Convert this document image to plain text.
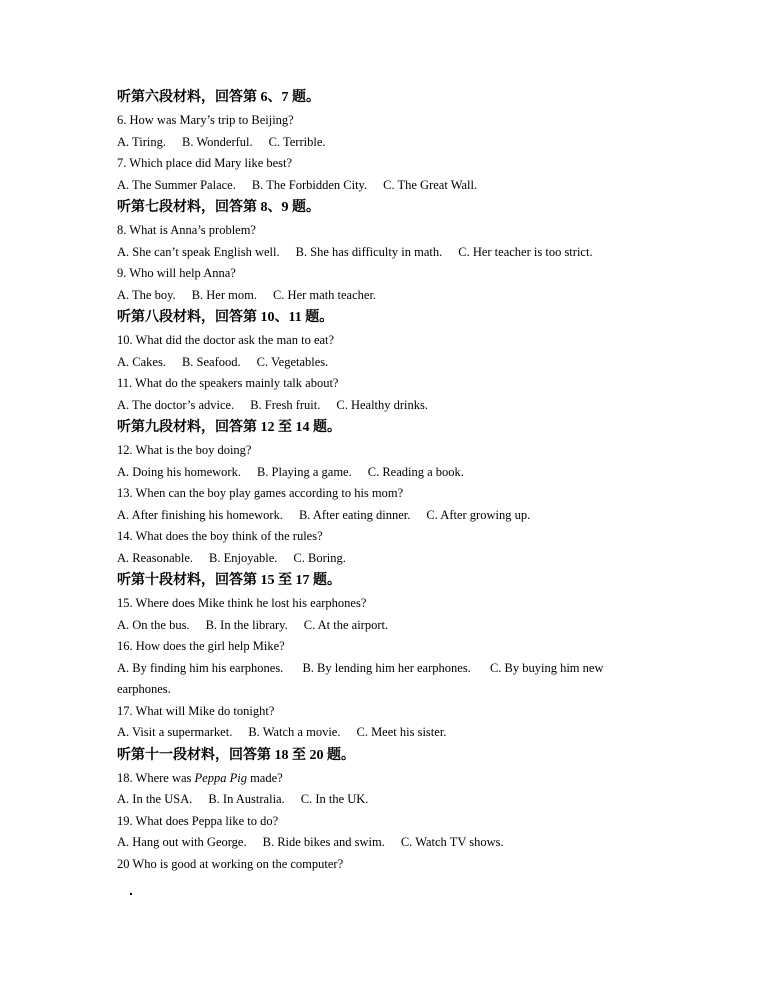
听第六段材料，回答第 6、7 题。

6. How was Mary’s trip to Beijing?

A. Tiring. B. Wonderful. C. Terrible.

7. Which place did Mary like best?

A. The Summer Palace. B. The Forbidden City. C. The Great Wall.

听第七段材料，回答第 8、9 题。

8. What is Anna’s problem?

A. She can’t speak English well. B. She has difficulty in math. C. Her teacher is too strict.

9. Who will help Anna?

A. The boy. B. Her mom. C. Her math teacher.

听第八段材料，回答第 10、11 题。

10. What did the doctor ask the man to eat?

A. Cakes. B. Seafood. C. Vegetables.

11. What do the speakers mainly talk about?

A. The doctor’s advice. B. Fresh fruit. C. Healthy drinks.

听第九段材料，回答第 12 至 14 题。

12. What is the boy doing?

A. Doing his homework. B. Playing a game. C. Reading a book.

13. When can the boy play games according to his mom?

A. After finishing his homework. B. After eating dinner. C. After growing up.

14. What does the boy think of the rules?

A. Reasonable. B. Enjoyable. C. Boring.

听第十段材料，回答第 15 至 17 题。

15. Where does Mike think he lost his earphones?

A. On the bus. B. In the library. C. At the airport.

16. How does the girl help Mike?

A. By finding him his earphones. B. By lending him her earphones. C. By buying him new earphones.

17. What will Mike do tonight?

A. Visit a supermarket. B. Watch a movie. C. Meet his sister.

听第十一段材料，回答第 18 至 20 题。

18. Where was Peppa Pig made?

A. In the USA. B. In Australia. C. In the UK.

19. What does Peppa like to do?

A. Hang out with George. B. Ride bikes and swim. C. Watch TV shows.

20 Who is good at working on the computer?
